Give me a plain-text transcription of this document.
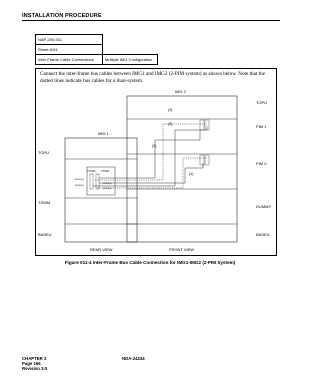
INSTALLATION PROCEDURE
NAP-200-011
Sheet 6/24
Inter-Frame Cable Connections	Multiple IMG Configuration
Connect the inter-frame bus cables between IMG1 and IMG2 (2-PIM system) as shown below. Note that the dotted lines indicate bus cables for a dual-system.
IMG 1
IMG 2
TOPU
TOPU
TSWM
BASEU	BASEU
PIM 1
PIM 0
DUMMY
REAR VIEW	FRONT VIEW
(1)
(2)
(3)
(4)
CTSW0 CTSW1
MUX1(1)
MUX1(0)
MUX0(1)
MUX0(0)
Figure 011-4 Inter-Frame Bus Cable Connection for IMG1-IMG2 (2-PIM System)
CHAPTER 3
Page 166
Revision 3.0
NDA-24234
